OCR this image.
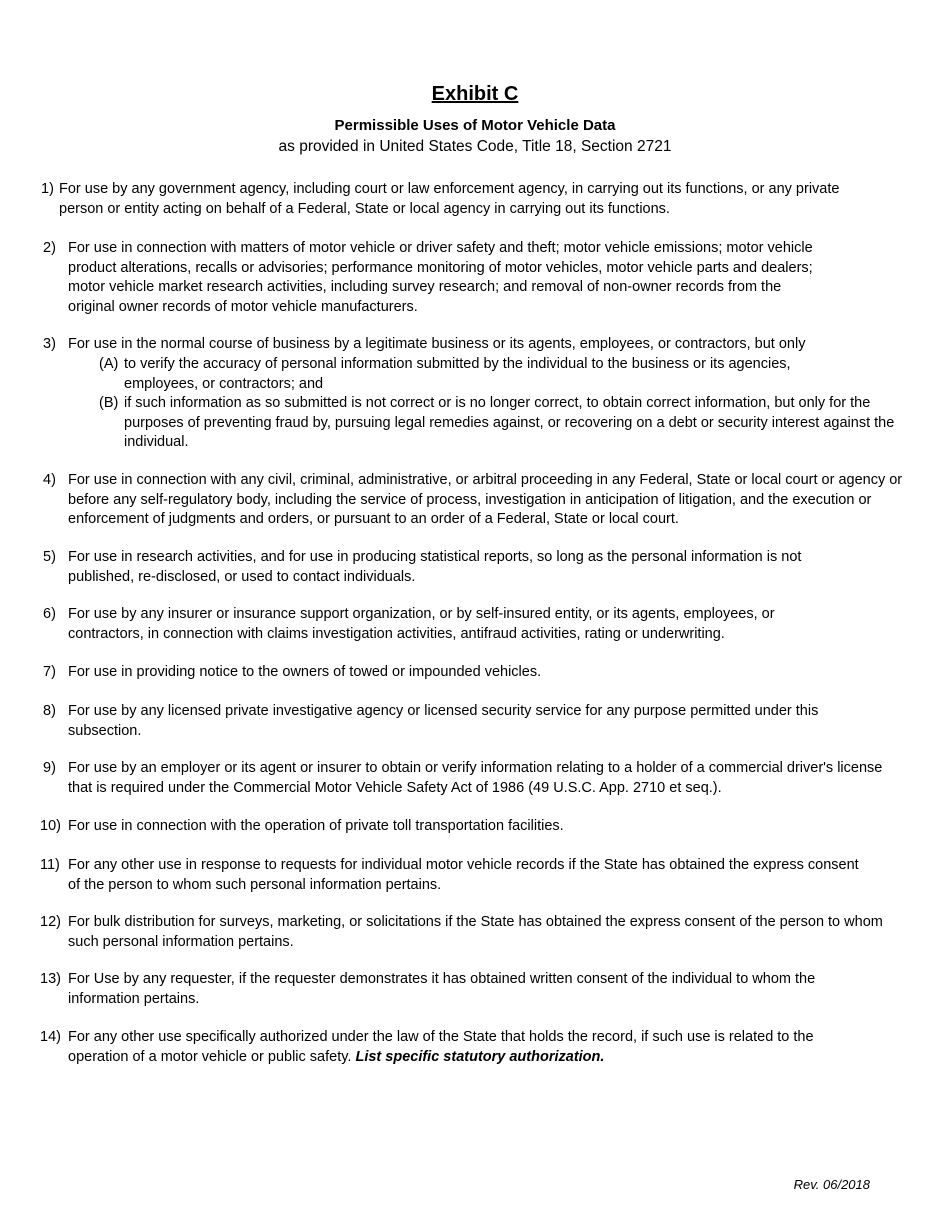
Exhibit C
Permissible Uses of Motor Vehicle Data
as provided in United States Code, Title 18, Section 2721
1) For use by any government agency, including court or law enforcement agency, in carrying out its functions, or any private person or entity acting on behalf of a Federal, State or local agency in carrying out its functions.
2) For use in connection with matters of motor vehicle or driver safety and theft; motor vehicle emissions; motor vehicle product alterations, recalls or advisories; performance monitoring of motor vehicles, motor vehicle parts and dealers; motor vehicle market research activities, including survey research; and removal of non-owner records from the original owner records of motor vehicle manufacturers.
3) For use in the normal course of business by a legitimate business or its agents, employees, or contractors, but only
(A) to verify the accuracy of personal information submitted by the individual to the business or its agencies, employees, or contractors; and
(B) if such information as so submitted is not correct or is no longer correct, to obtain correct information, but only for the purposes of preventing fraud by, pursuing legal remedies against, or recovering on a debt or security interest against the individual.
4) For use in connection with any civil, criminal, administrative, or arbitral proceeding in any Federal, State or local court or agency or before any self-regulatory body, including the service of process, investigation in anticipation of litigation, and the execution or enforcement of judgments and orders, or pursuant to an order of a Federal, State or local court.
5) For use in research activities, and for use in producing statistical reports, so long as the personal information is not published, re-disclosed, or used to contact individuals.
6) For use by any insurer or insurance support organization, or by self-insured entity, or its agents, employees, or contractors, in connection with claims investigation activities, antifraud activities, rating or underwriting.
7) For use in providing notice to the owners of towed or impounded vehicles.
8) For use by any licensed private investigative agency or licensed security service for any purpose permitted under this subsection.
9) For use by an employer or its agent or insurer to obtain or verify information relating to a holder of a commercial driver's license that is required under the Commercial Motor Vehicle Safety Act of 1986 (49 U.S.C. App. 2710 et seq.).
10) For use in connection with the operation of private toll transportation facilities.
11) For any other use in response to requests for individual motor vehicle records if the State has obtained the express consent of the person to whom such personal information pertains.
12) For bulk distribution for surveys, marketing, or solicitations if the State has obtained the express consent of the person to whom such personal information pertains.
13) For Use by any requester, if the requester demonstrates it has obtained written consent of the individual to whom the information pertains.
14) For any other use specifically authorized under the law of the State that holds the record, if such use is related to the operation of a motor vehicle or public safety. List specific statutory authorization.
Rev. 06/2018
